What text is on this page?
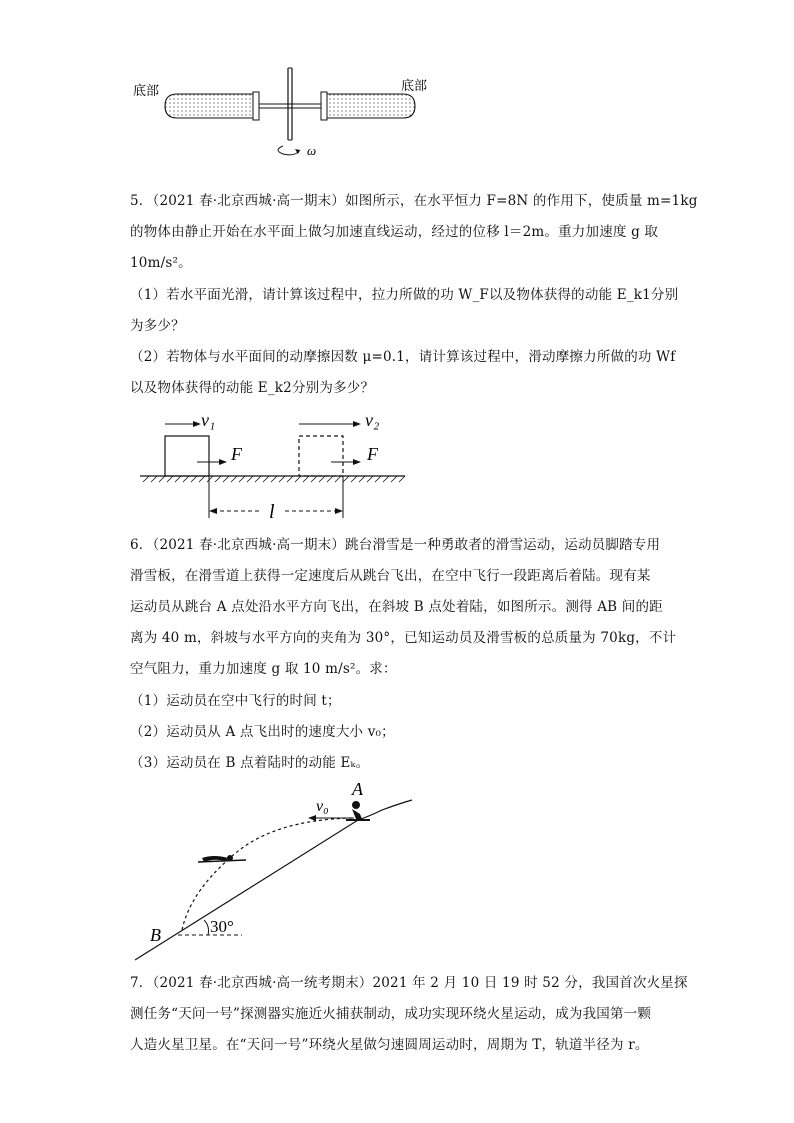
底部	底部
ω
5．（2021 春·北京西城·高一期末）如图所示，在水平恒力 F=8N 的作用下，使质量 m=1kg
的物体由静止开始在水平面上做匀加速直线运动，经过的位移 l＝2m。重力加速度 g 取
10m/s²。
（1）若水平面光滑，请计算该过程中，拉力所做的功 W_F以及物体获得的动能 E_k1分别
为多少？
（2）若物体与水平面间的动摩擦因数 μ=0.1，请计算该过程中，滑动摩擦力所做的功 Wf
以及物体获得的动能 E_k2分别为多少？
v₁	v₂
F	F
l
6．（2021 春·北京西城·高一期末）跳台滑雪是一种勇敢者的滑雪运动，运动员脚踏专用
滑雪板，在滑雪道上获得一定速度后从跳台飞出，在空中飞行一段距离后着陆。现有某
运动员从跳台 A 点处沿水平方向飞出，在斜坡 B 点处着陆，如图所示。测得 AB 间的距
离为 40 m，斜坡与水平方向的夹角为 30°，已知运动员及滑雪板的总质量为 70kg，不计
空气阻力，重力加速度 g 取 10 m/s²。求：
（1）运动员在空中飞行的时间 t；
（2）运动员从 A 点飞出时的速度大小 v₀；
（3）运动员在 B 点着陆时的动能 Eₖ。
A
B
v₀
30°
7．（2021 春·北京西城·高一统考期末）2021 年 2 月 10 日 19 时 52 分，我国首次火星探
测任务“天问一号”探测器实施近火捕获制动，成功实现环绕火星运动，成为我国第一颗
人造火星卫星。在“天问一号”环绕火星做匀速圆周运动时，周期为 T，轨道半径为 r。
